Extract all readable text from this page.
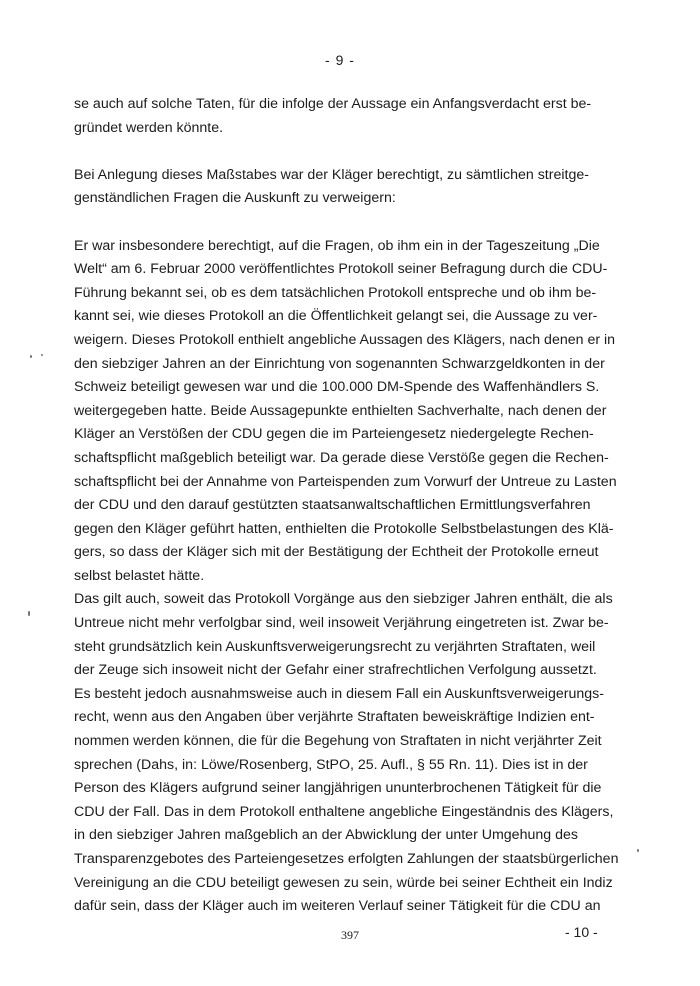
- 9 -
se auch auf solche Taten, für die infolge der Aussage ein Anfangsverdacht erst be-
gründet werden könnte.
Bei Anlegung dieses Maßstabes war der Kläger berechtigt, zu sämtlichen streitge-
genständlichen Fragen die Auskunft zu verweigern:
Er war insbesondere berechtigt, auf die Fragen, ob ihm ein in der Tageszeitung „Die
Welt“ am 6. Februar 2000 veröffentlichtes Protokoll seiner Befragung durch die CDU-
Führung bekannt sei, ob es dem tatsächlichen Protokoll entspreche und ob ihm be-
kannt sei, wie dieses Protokoll an die Öffentlichkeit gelangt sei, die Aussage zu ver-
weigern. Dieses Protokoll enthielt angebliche Aussagen des Klägers, nach denen er in
den siebziger Jahren an der Einrichtung von sogenannten Schwarzgeldkonten in der
Schweiz beteiligt gewesen war und die 100.000 DM-Spende des Waffenhändlers S.
weitergegeben hatte. Beide Aussagepunkte enthielten Sachverhalte, nach denen der
Kläger an Verstößen der CDU gegen die im Parteiengesetz niedergelegte Rechen-
schaftspflicht maßgeblich beteiligt war. Da gerade diese Verstöße gegen die Rechen-
schaftspflicht bei der Annahme von Parteispenden zum Vorwurf der Untreue zu Lasten
der CDU und den darauf gestützten staatsanwaltschaftlichen Ermittlungsverfahren
gegen den Kläger geführt hatten, enthielten die Protokolle Selbstbelastungen des Klä-
gers, so dass der Kläger sich mit der Bestätigung der Echtheit der Protokolle erneut
selbst belastet hätte.
Das gilt auch, soweit das Protokoll Vorgänge aus den siebziger Jahren enthält, die als
Untreue nicht mehr verfolgbar sind, weil insoweit Verjährung eingetreten ist. Zwar be-
steht grundsätzlich kein Auskunftsverweigerungsrecht zu verjährten Straftaten, weil
der Zeuge sich insoweit nicht der Gefahr einer strafrechtlichen Verfolgung aussetzt.
Es besteht jedoch ausnahmsweise auch in diesem Fall ein Auskunftsverweigerungs-
recht, wenn aus den Angaben über verjährte Straftaten beweiskräftige Indizien ent-
nommen werden können, die für die Begehung von Straftaten in nicht verjährter Zeit
sprechen (Dahs, in: Löwe/Rosenberg, StPO, 25. Aufl., § 55 Rn. 11). Dies ist in der
Person des Klägers aufgrund seiner langjährigen ununterbrochenen Tätigkeit für die
CDU der Fall. Das in dem Protokoll enthaltene angebliche Eingeständnis des Klägers,
in den siebziger Jahren maßgeblich an der Abwicklung der unter Umgehung des
Transparenzgebotes des Parteiengesetzes erfolgten Zahlungen der staatsbürgerlichen
Vereinigung an die CDU beteiligt gewesen zu sein, würde bei seiner Echtheit ein Indiz
dafür sein, dass der Kläger auch im weiteren Verlauf seiner Tätigkeit für die CDU an
397	- 10 -
